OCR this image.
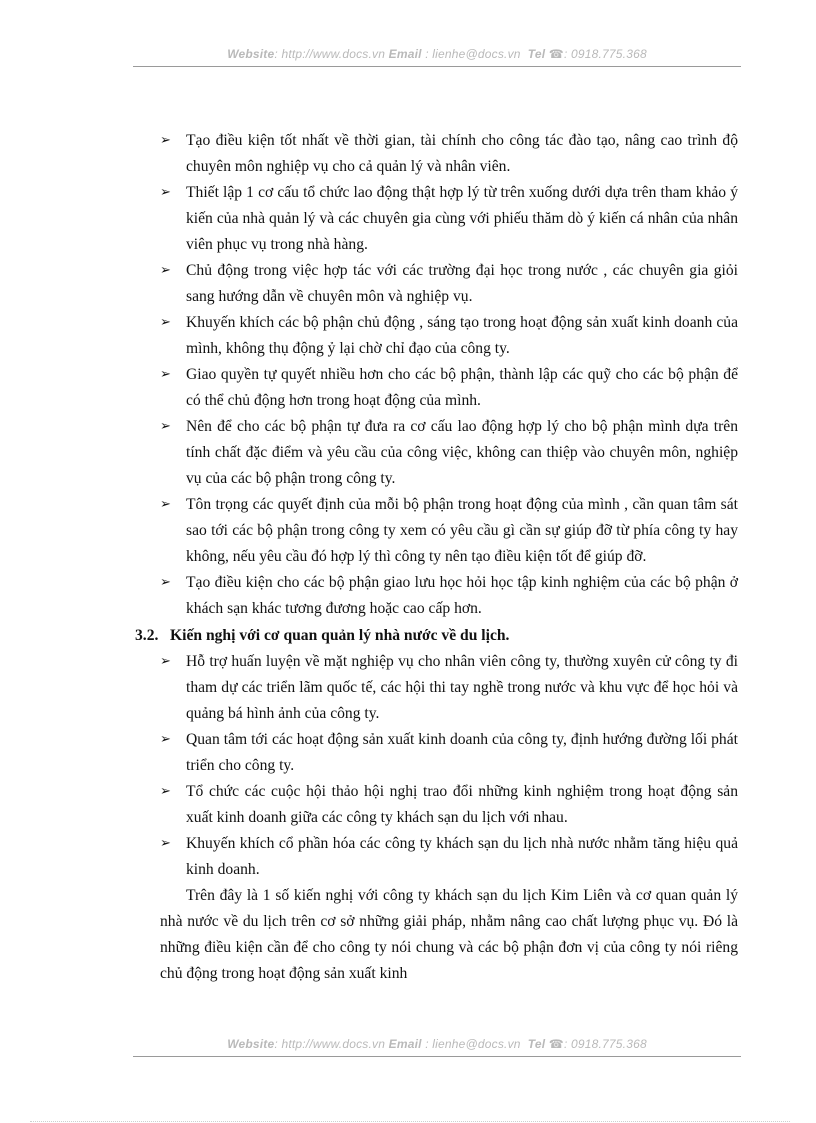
Website: http://www.docs.vn Email : lienhe@docs.vn Tel ☎: 0918.775.368
➢ Tạo điều kiện tốt nhất về thời gian, tài chính cho công tác đào tạo, nâng cao trình độ chuyên môn nghiệp vụ cho cả quản lý và nhân viên.
➢ Thiết lập 1 cơ cấu tổ chức lao động thật hợp lý từ trên xuống dưới dựa trên tham khảo ý kiến của nhà quản lý và các chuyên gia cùng với phiếu thăm dò ý kiến cá nhân của nhân viên phục vụ trong nhà hàng.
➢ Chủ động trong việc hợp tác với các trường đại học trong nước , các chuyên gia giỏi sang hướng dẫn về chuyên môn và nghiệp vụ.
➢ Khuyến khích các bộ phận chủ động , sáng tạo trong hoạt động sản xuất kinh doanh của mình, không thụ động ỷ lại chờ chỉ đạo của công ty.
➢ Giao quyền tự quyết nhiều hơn cho các bộ phận, thành lập các quỹ cho các bộ phận để có thể chủ động hơn trong hoạt động của mình.
➢ Nên để cho các bộ phận tự đưa ra cơ cấu lao động hợp lý cho bộ phận mình dựa trên tính chất đặc điểm và yêu cầu của công việc, không can thiệp vào chuyên môn, nghiệp vụ của các bộ phận trong công ty.
➢ Tôn trọng các quyết định của mỗi bộ phận trong hoạt động của mình , cần quan tâm sát sao tới các bộ phận trong công ty xem có yêu cầu gì cần sự giúp đỡ từ phía công ty hay không, nếu yêu cầu đó hợp lý thì công ty nên tạo điều kiện tốt để giúp đỡ.
➢ Tạo điều kiện cho các bộ phận giao lưu học hỏi học tập kinh nghiệm của các bộ phận ở khách sạn khác tương đương hoặc cao cấp hơn.
3.2. Kiến nghị với cơ quan quản lý nhà nước về du lịch.
➢ Hỗ trợ huấn luyện về mặt nghiệp vụ cho nhân viên công ty, thường xuyên cử công ty đi tham dự các triển lãm quốc tế, các hội thi tay nghề trong nước và khu vực để học hỏi và quảng bá hình ảnh của công ty.
➢ Quan tâm tới các hoạt động sản xuất kinh doanh của công ty, định hướng đường lối phát triển cho công ty.
➢ Tổ chức các cuộc hội thảo hội nghị trao đổi những kinh nghiệm trong hoạt động sản xuất kinh doanh giữa các công ty khách sạn du lịch với nhau.
➢ Khuyến khích cổ phần hóa các công ty khách sạn du lịch nhà nước nhằm tăng hiệu quả kinh doanh.
Trên đây là 1 số kiến nghị với công ty khách sạn du lịch Kim Liên và cơ quan quản lý nhà nước về du lịch trên cơ sở những giải pháp, nhằm nâng cao chất lượng phục vụ. Đó là những điều kiện cần để cho công ty nói chung và các bộ phận đơn vị của công ty nói riêng chủ động trong hoạt động sản xuất kinh
Website: http://www.docs.vn Email : lienhe@docs.vn Tel ☎: 0918.775.368
